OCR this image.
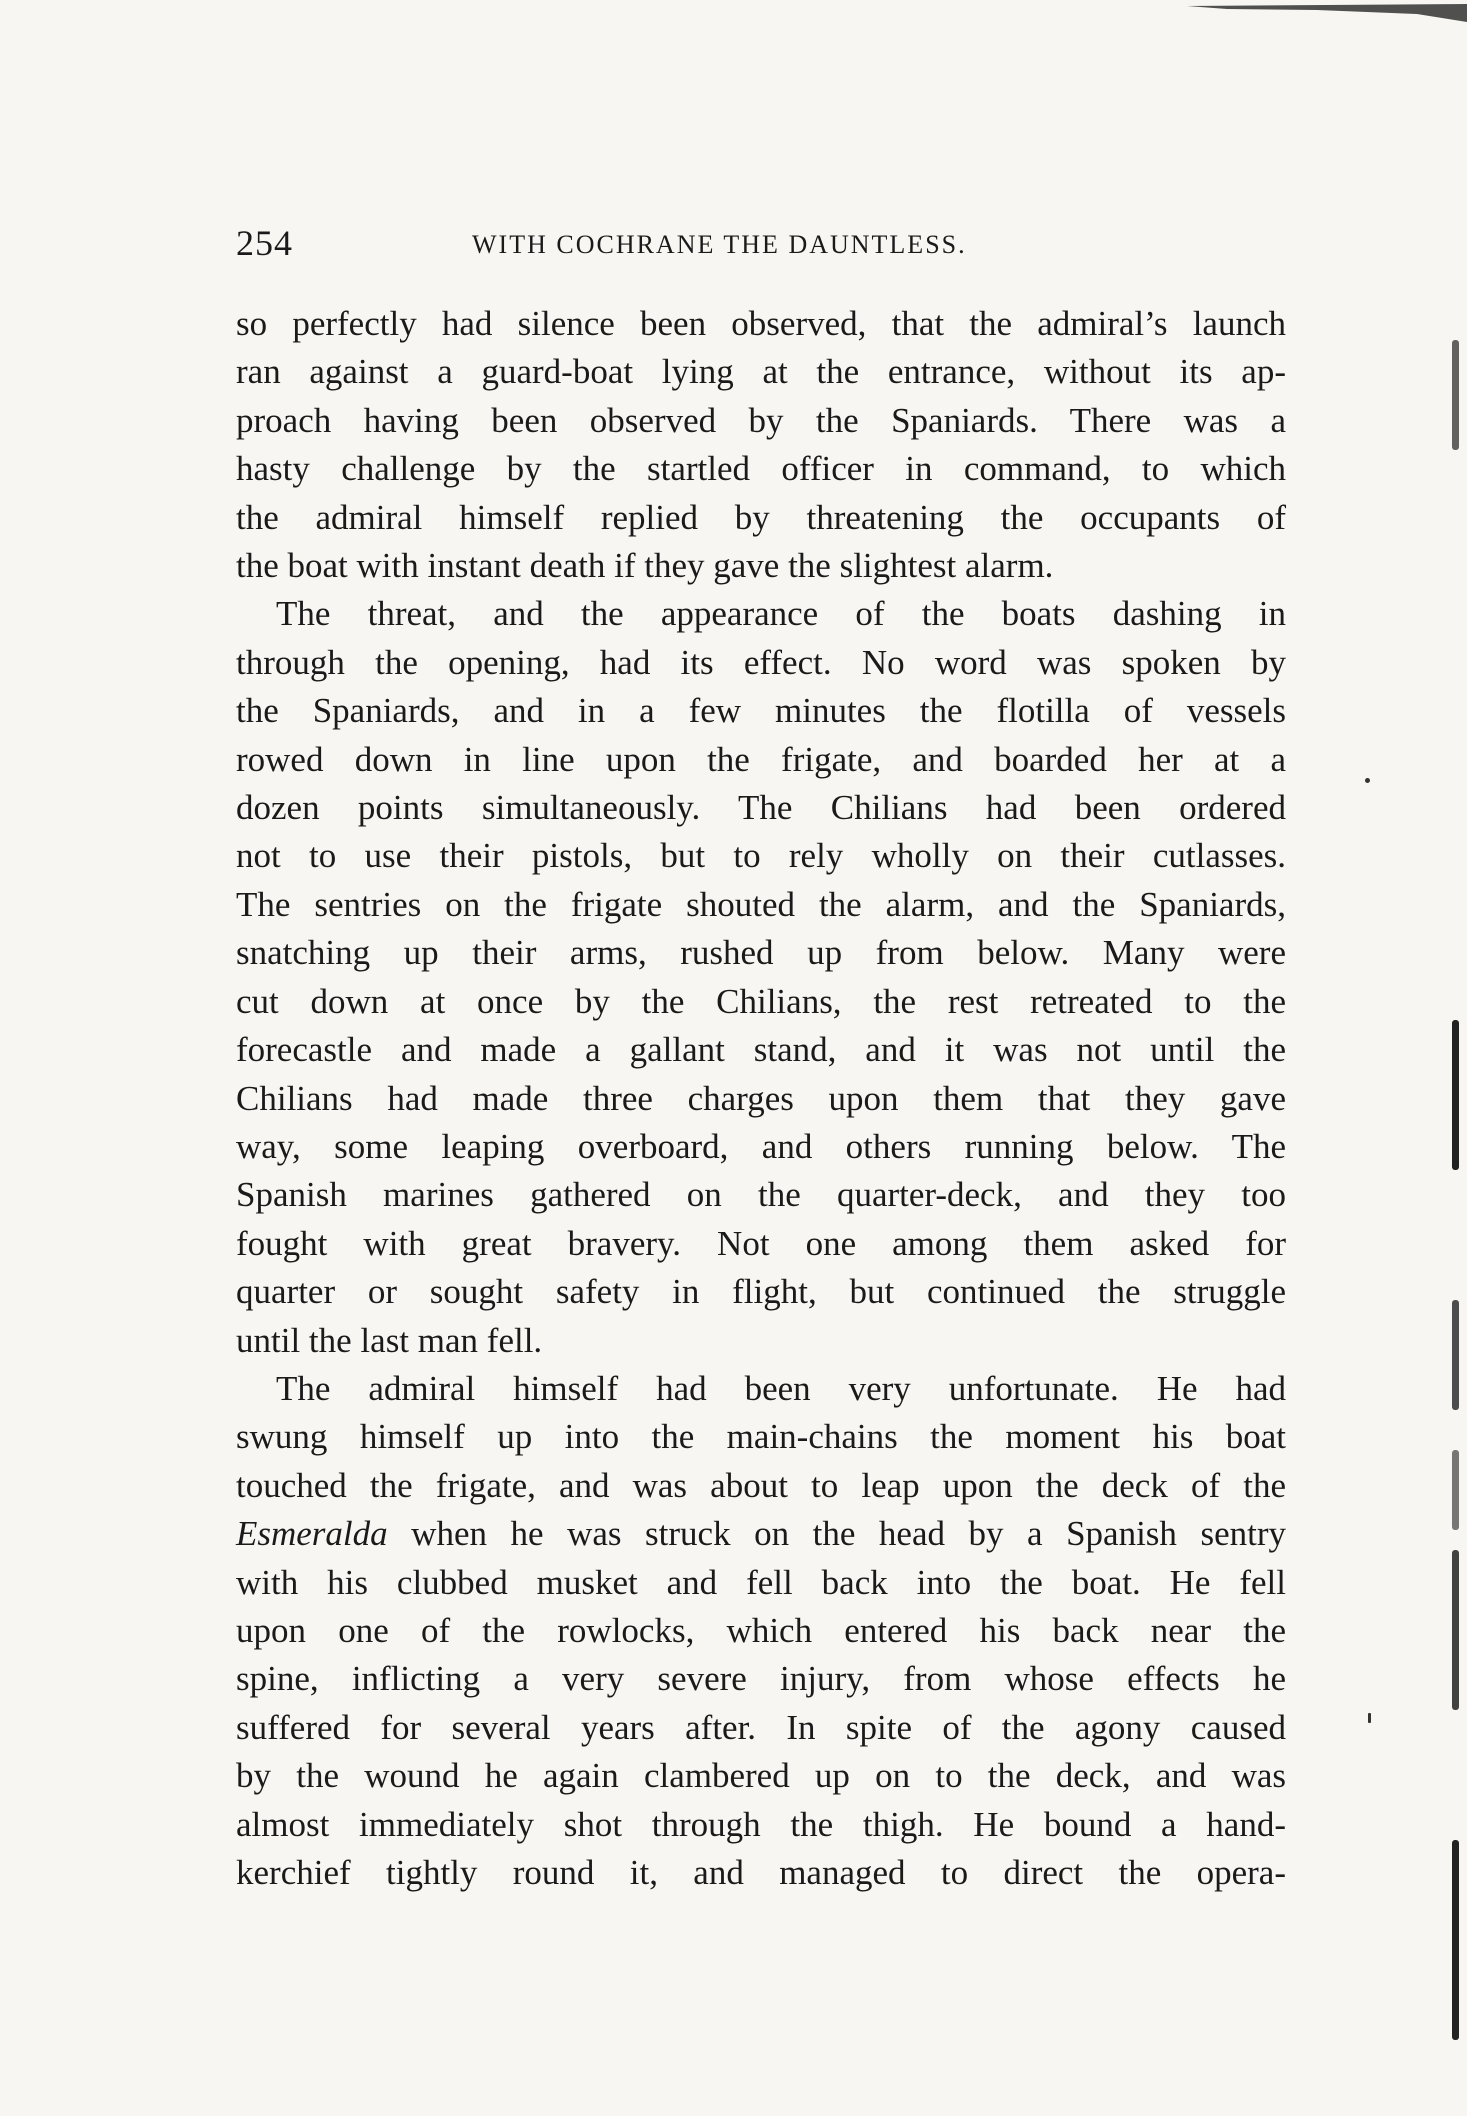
254	WITH COCHRANE THE DAUNTLESS.
so perfectly had silence been observed, that the admiral’s launch
ran against a guard-boat lying at the entrance, without its ap-
proach having been observed by the Spaniards. There was a
hasty challenge by the startled officer in command, to which
the admiral himself replied by threatening the occupants of
the boat with instant death if they gave the slightest alarm.
The threat, and the appearance of the boats dashing in
through the opening, had its effect. No word was spoken by
the Spaniards, and in a few minutes the flotilla of vessels
rowed down in line upon the frigate, and boarded her at a
dozen points simultaneously. The Chilians had been ordered
not to use their pistols, but to rely wholly on their cutlasses.
The sentries on the frigate shouted the alarm, and the Spaniards,
snatching up their arms, rushed up from below. Many were
cut down at once by the Chilians, the rest retreated to the
forecastle and made a gallant stand, and it was not until the
Chilians had made three charges upon them that they gave
way, some leaping overboard, and others running below. The
Spanish marines gathered on the quarter-deck, and they too
fought with great bravery. Not one among them asked for
quarter or sought safety in flight, but continued the struggle
until the last man fell.
The admiral himself had been very unfortunate. He had
swung himself up into the main-chains the moment his boat
touched the frigate, and was about to leap upon the deck of the
Esmeralda when he was struck on the head by a Spanish sentry
with his clubbed musket and fell back into the boat. He fell
upon one of the rowlocks, which entered his back near the
spine, inflicting a very severe injury, from whose effects he
suffered for several years after. In spite of the agony caused
by the wound he again clambered up on to the deck, and was
almost immediately shot through the thigh. He bound a hand-
kerchief tightly round it, and managed to direct the opera-
